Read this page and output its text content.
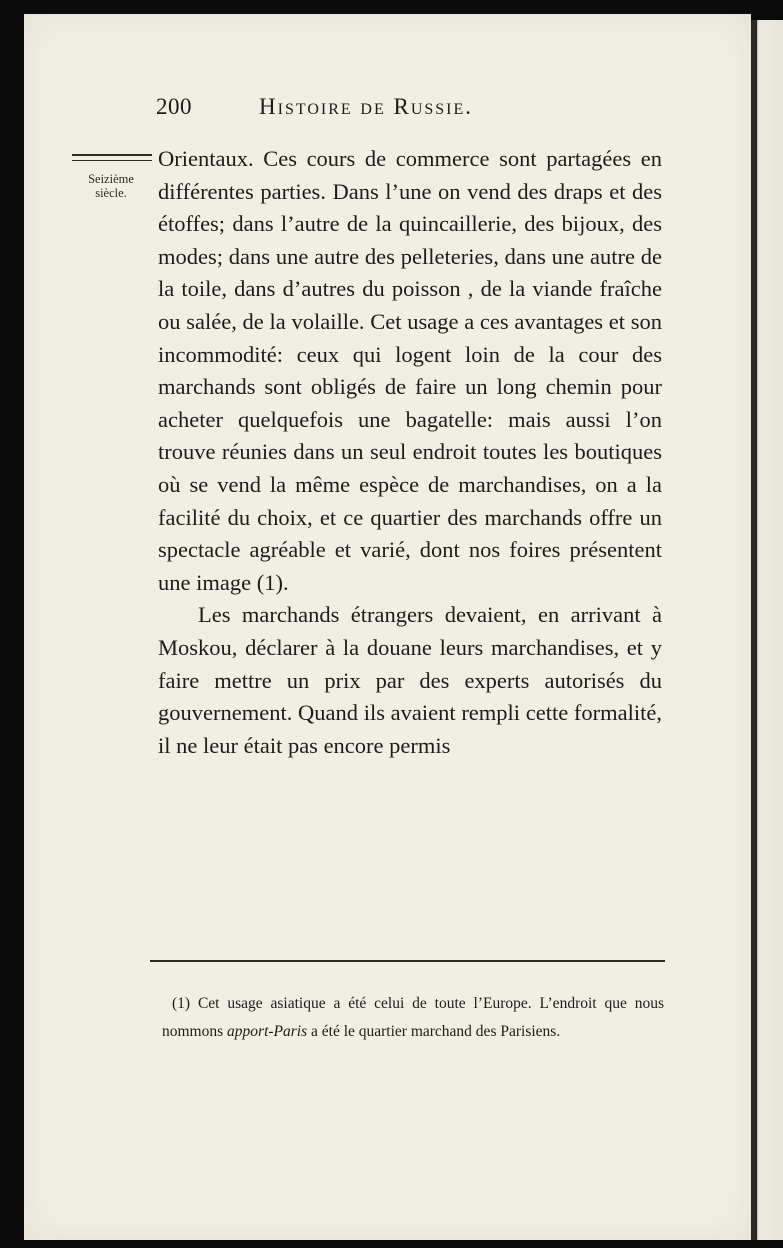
200	Histoire de Russie.
Seizième
siècle.

Orientaux. Ces cours de commerce sont partagées en différentes parties. Dans l’une on vend des draps et des étoffes; dans l’autre de la quincaillerie, des bijoux, des modes; dans une autre des pelleteries, dans une autre de la toile, dans d’autres du poisson , de la viande fraîche ou salée, de la volaille. Cet usage a ces avantages et son incommodité: ceux qui logent loin de la cour des marchands sont obligés de faire un long chemin pour acheter quelquefois une bagatelle: mais aussi l’on trouve réunies dans un seul endroit toutes les boutiques où se vend la même espèce de marchandises, on a la facilité du choix, et ce quartier des marchands offre un spectacle agréable et varié, dont nos foires présentent une image (1).

Les marchands étrangers devaient, en arrivant à Moskou, déclarer à la douane leurs marchandises, et y faire mettre un prix par des experts autorisés du gouvernement. Quand ils avaient rempli cette formalité, il ne leur était pas encore permis

(1) Cet usage asiatique a été celui de toute l’Europe. L’endroit que nous nommons apport-Paris a été le quartier marchand des Parisiens.
